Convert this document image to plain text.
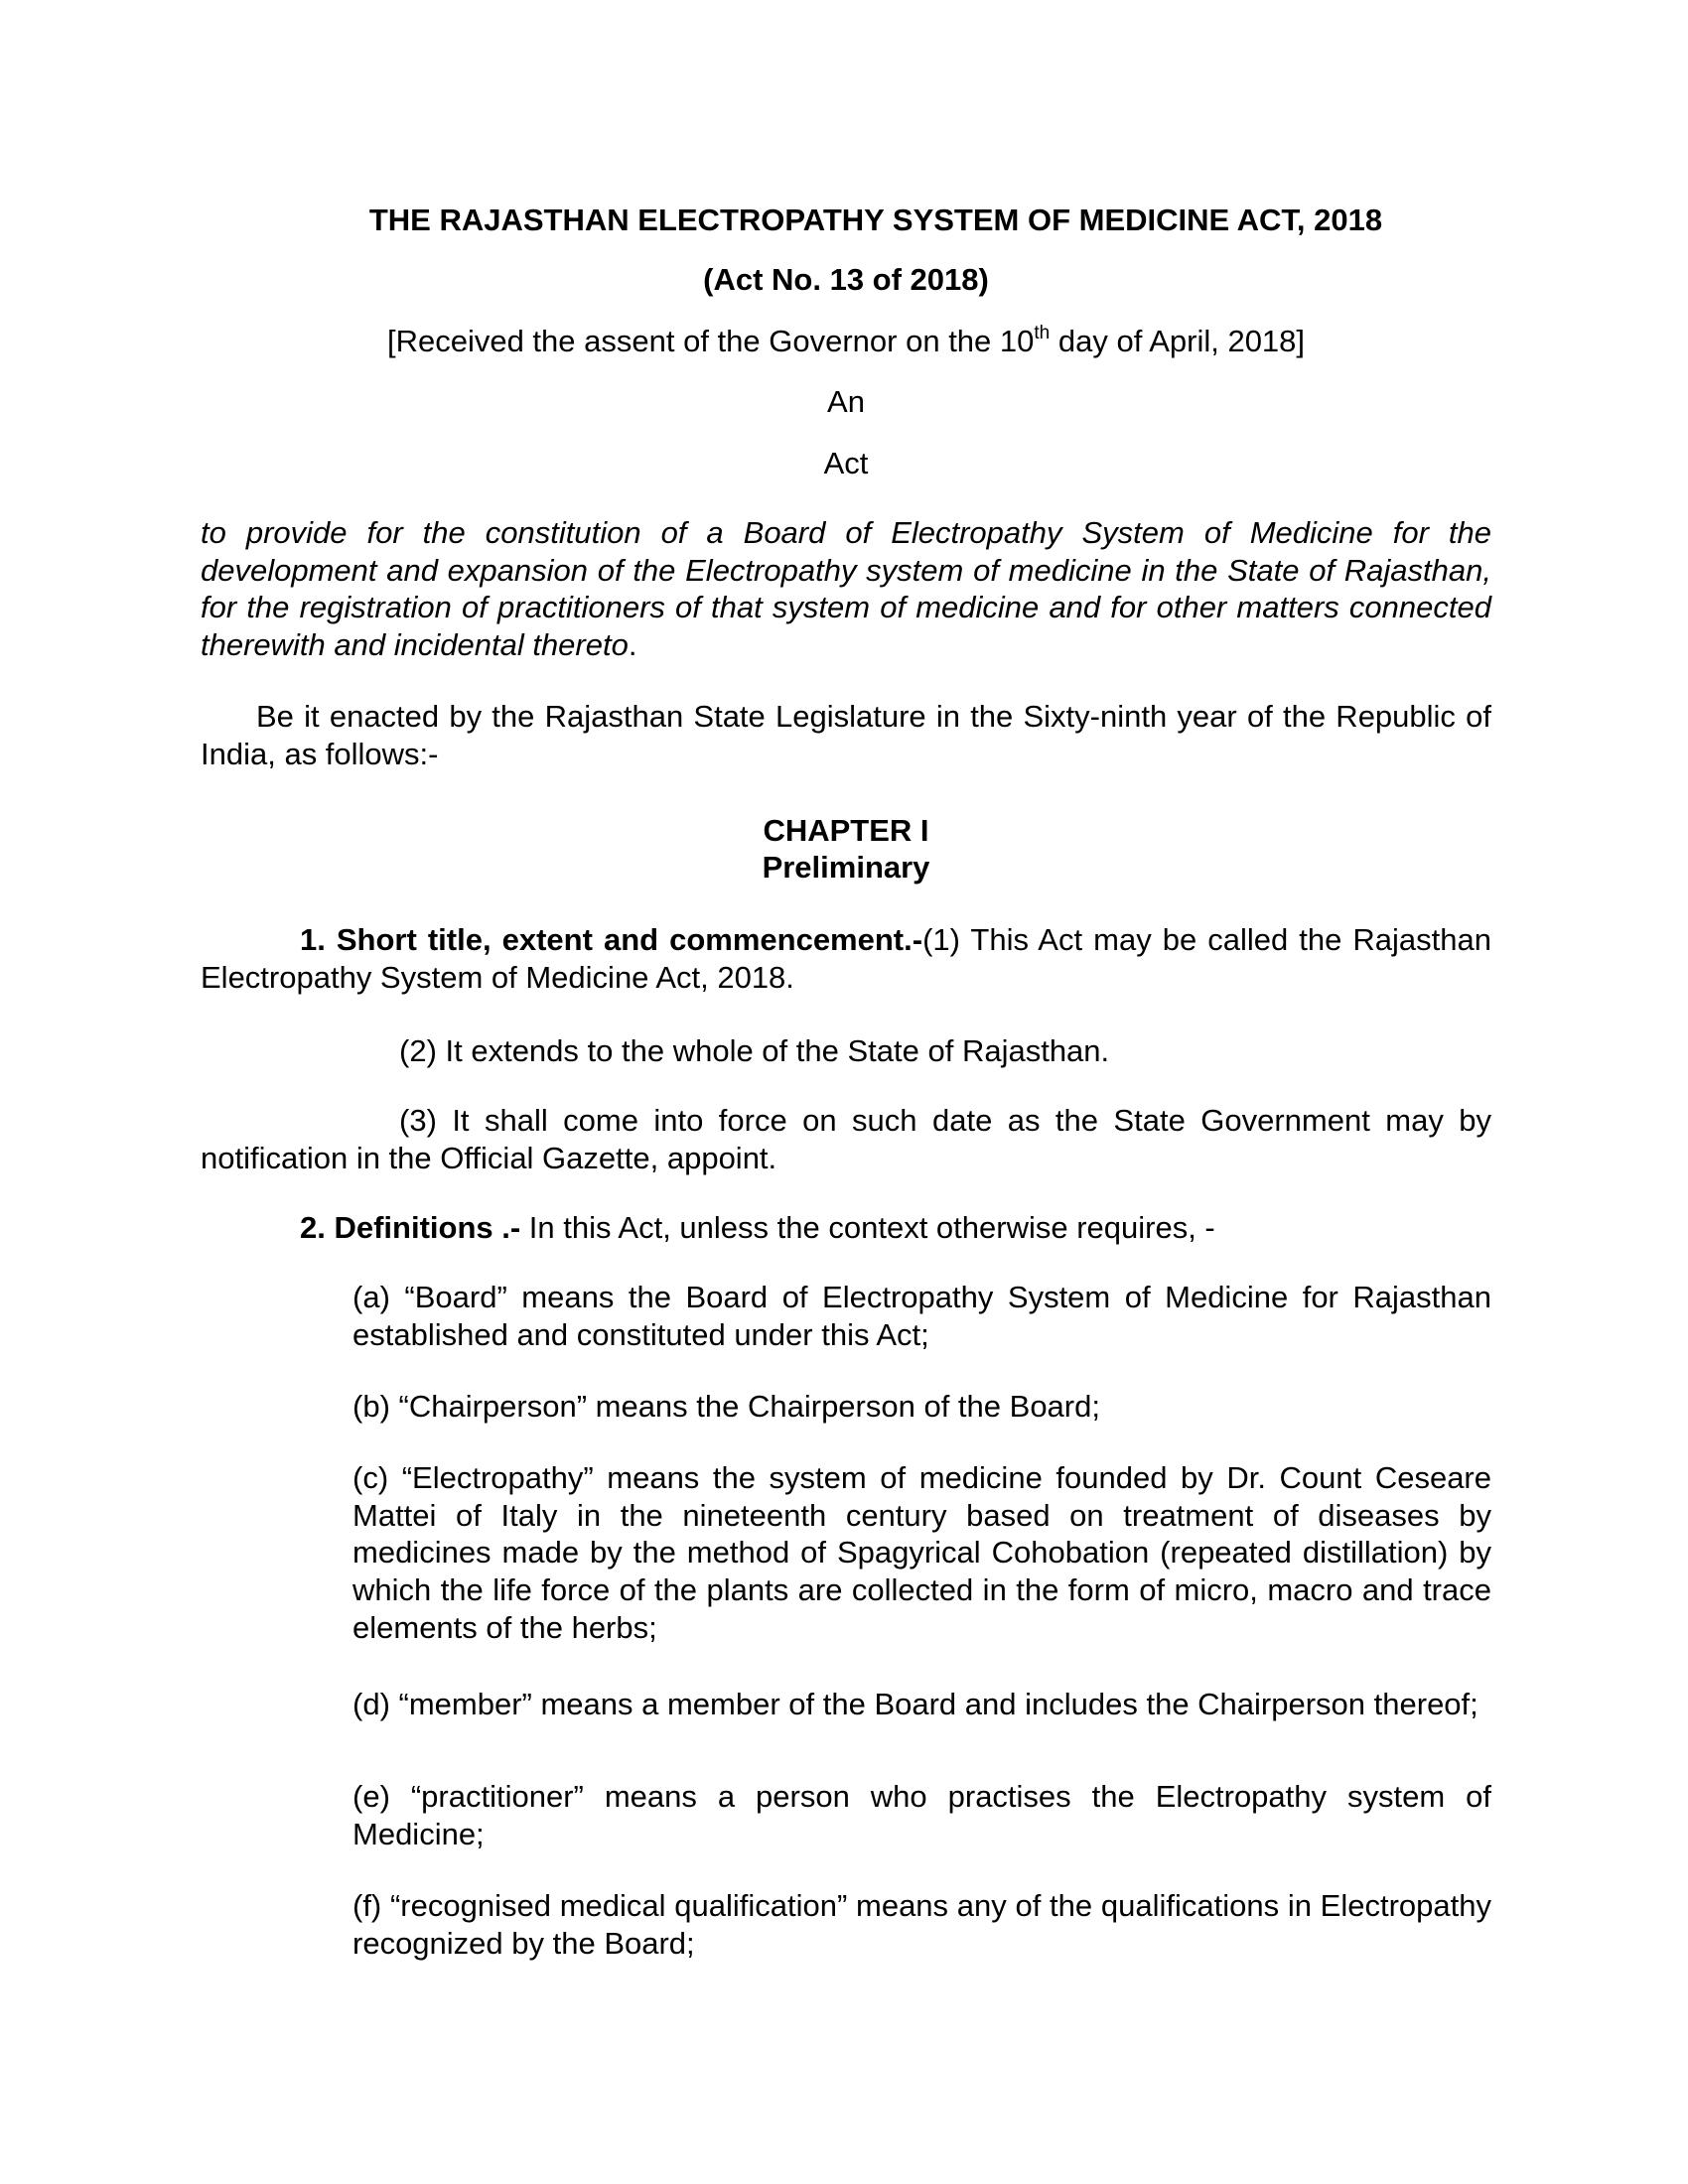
THE RAJASTHAN ELECTROPATHY SYSTEM OF MEDICINE ACT, 2018

(Act No. 13 of 2018)

[Received the assent of the Governor on the 10th day of April, 2018]

An

Act

to provide for the constitution of a Board of Electropathy System of Medicine for the development and expansion of the Electropathy system of medicine in the State of Rajasthan, for the registration of practitioners of that system of medicine and for other matters connected therewith and incidental thereto.

Be it enacted by the Rajasthan State Legislature in the Sixty-ninth year of the Republic of India, as follows:-

CHAPTER I
Preliminary

1. Short title, extent and commencement.-(1) This Act may be called the Rajasthan Electropathy System of Medicine Act, 2018.

(2) It extends to the whole of the State of Rajasthan.

(3) It shall come into force on such date as the State Government may by notification in the Official Gazette, appoint.

2. Definitions .- In this Act, unless the context otherwise requires, -

(a) “Board” means the Board of Electropathy System of Medicine for Rajasthan established and constituted under this Act;

(b) “Chairperson” means the Chairperson of the Board;

(c) “Electropathy” means the system of medicine founded by Dr. Count Ceseare Mattei of Italy in the nineteenth century based on treatment of diseases by medicines made by the method of Spagyrical Cohobation (repeated distillation) by which the life force of the plants are collected in the form of micro, macro and trace elements of the herbs;

(d) “member” means a member of the Board and includes the Chairperson thereof;

(e) “practitioner” means a person who practises the Electropathy system of Medicine;

(f) “recognised medical qualification” means any of the qualifications in Electropathy recognized by the Board;
